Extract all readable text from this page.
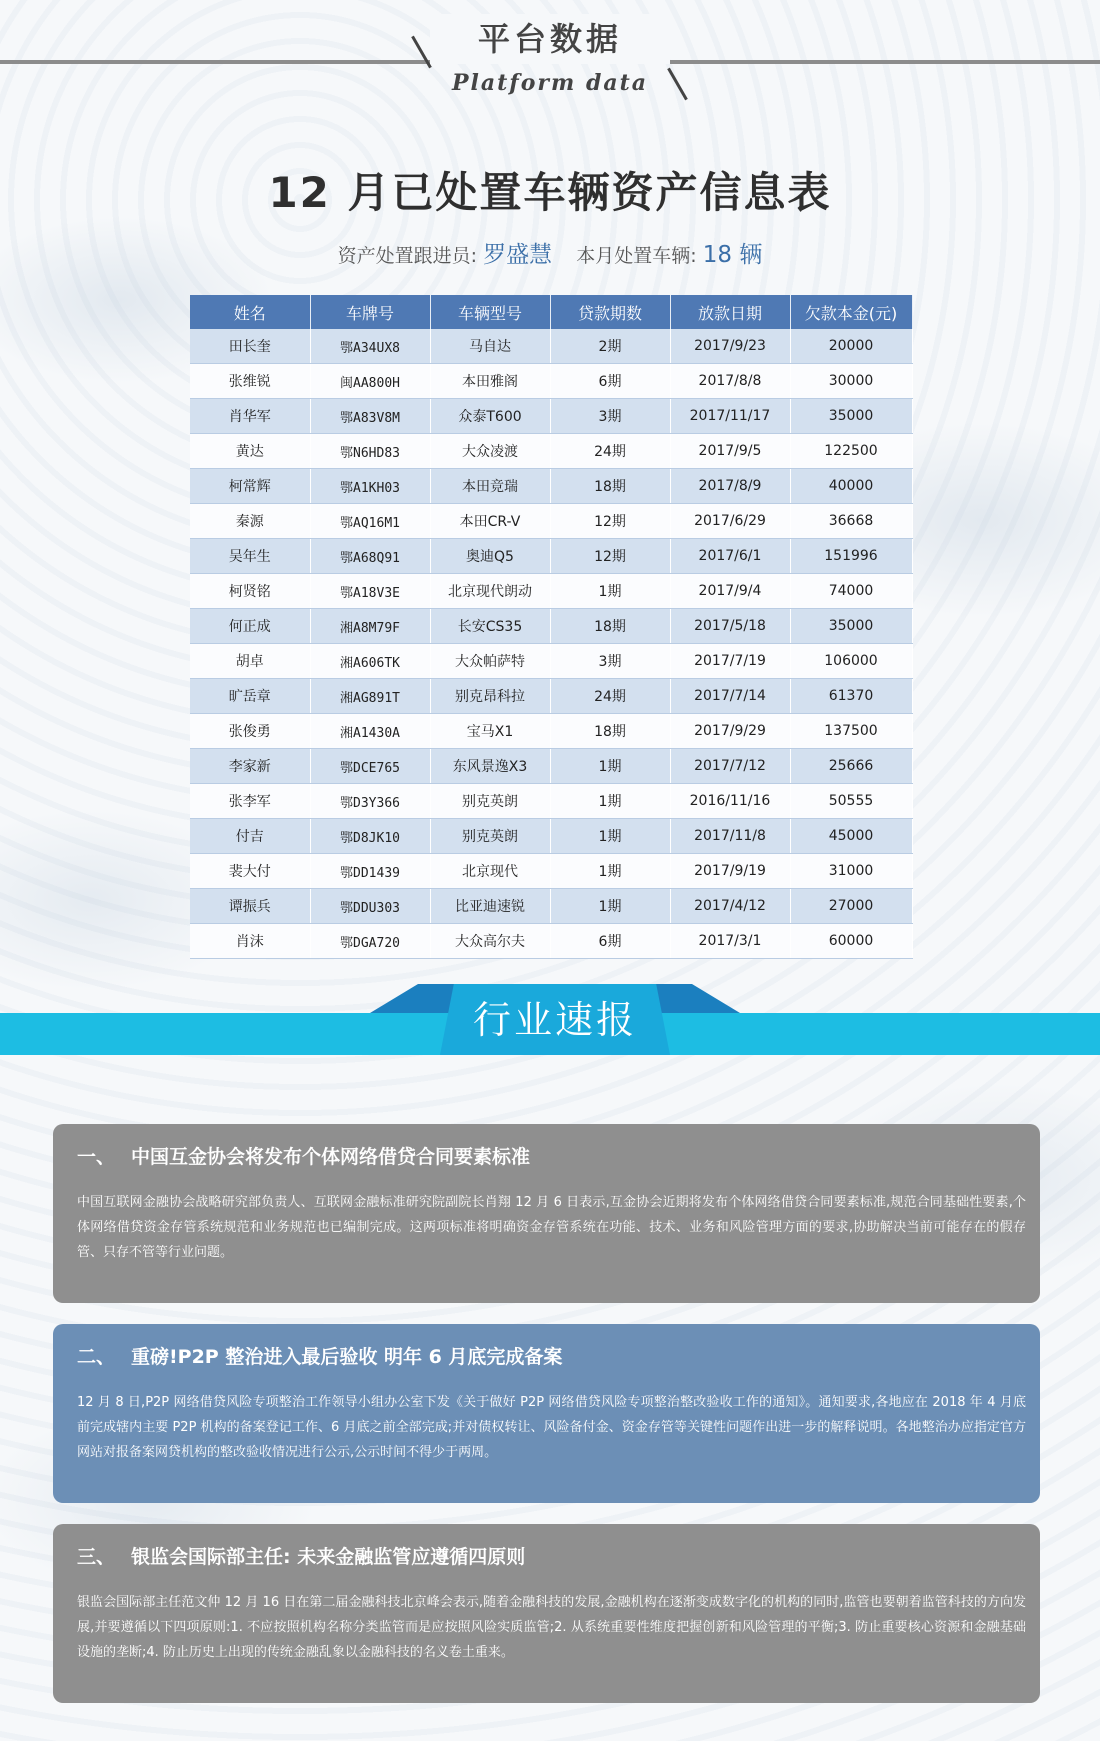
平台数据
Platform data
12 月已处置车辆资产信息表
资产处置跟进员: 罗盛慧 本月处置车辆: 18 辆
姓名	车牌号	车辆型号	贷款期数	放款日期	欠款本金(元)
田长奎	鄂A34UX8	马自达	2期	2017/9/23	20000
张维锐	闽AA800H	本田雅阁	6期	2017/8/8	30000
肖华军	鄂A83V8M	众泰T600	3期	2017/11/17	35000
黄达	鄂N6HD83	大众凌渡	24期	2017/9/5	122500
柯常辉	鄂A1KH03	本田竞瑞	18期	2017/8/9	40000
秦源	鄂AQ16M1	本田CR-V	12期	2017/6/29	36668
吴年生	鄂A68Q91	奥迪Q5	12期	2017/6/1	151996
柯贤铭	鄂A18V3E	北京现代朗动	1期	2017/9/4	74000
何正成	湘A8M79F	长安CS35	18期	2017/5/18	35000
胡卓	湘A606TK	大众帕萨特	3期	2017/7/19	106000
旷岳章	湘AG891T	别克昂科拉	24期	2017/7/14	61370
张俊勇	湘A1430A	宝马X1	18期	2017/9/29	137500
李家新	鄂DCE765	东风景逸X3	1期	2017/7/12	25666
张李军	鄂D3Y366	别克英朗	1期	2016/11/16	50555
付吉	鄂D8JK10	别克英朗	1期	2017/11/8	45000
裴大付	鄂DD1439	北京现代	1期	2017/9/19	31000
谭振兵	鄂DDU303	比亚迪速锐	1期	2017/4/12	27000
肖沫	鄂DGA720	大众高尔夫	6期	2017/3/1	60000
行业速报
一、 中国互金协会将发布个体网络借贷合同要素标准
中国互联网金融协会战略研究部负责人、互联网金融标准研究院副院长肖翔 12 月 6 日表示,互金协会近期将发布个体网络借贷合同要素标准,规范合同基础性要素,个体网络借贷资金存管系统规范和业务规范也已编制完成。这两项标准将明确资金存管系统在功能、技术、业务和风险管理方面的要求,协助解决当前可能存在的假存管、只存不管等行业问题。
二、 重磅!P2P 整治进入最后验收 明年 6 月底完成备案
12 月 8 日,P2P 网络借贷风险专项整治工作领导小组办公室下发《关于做好 P2P 网络借贷风险专项整治整改验收工作的通知》。通知要求,各地应在 2018 年 4 月底前完成辖内主要 P2P 机构的备案登记工作、6 月底之前全部完成;并对债权转让、风险备付金、资金存管等关键性问题作出进一步的解释说明。各地整治办应指定官方网站对报备案网贷机构的整改验收情况进行公示,公示时间不得少于两周。
三、 银监会国际部主任: 未来金融监管应遵循四原则
银监会国际部主任范文仲 12 月 16 日在第二届金融科技北京峰会表示,随着金融科技的发展,金融机构在逐渐变成数字化的机构的同时,监管也要朝着监管科技的方向发展,并要遵循以下四项原则:1. 不应按照机构名称分类监管而是应按照风险实质监管;2. 从系统重要性维度把握创新和风险管理的平衡;3. 防止重要核心资源和金融基础设施的垄断;4. 防止历史上出现的传统金融乱象以金融科技的名义卷土重来。
